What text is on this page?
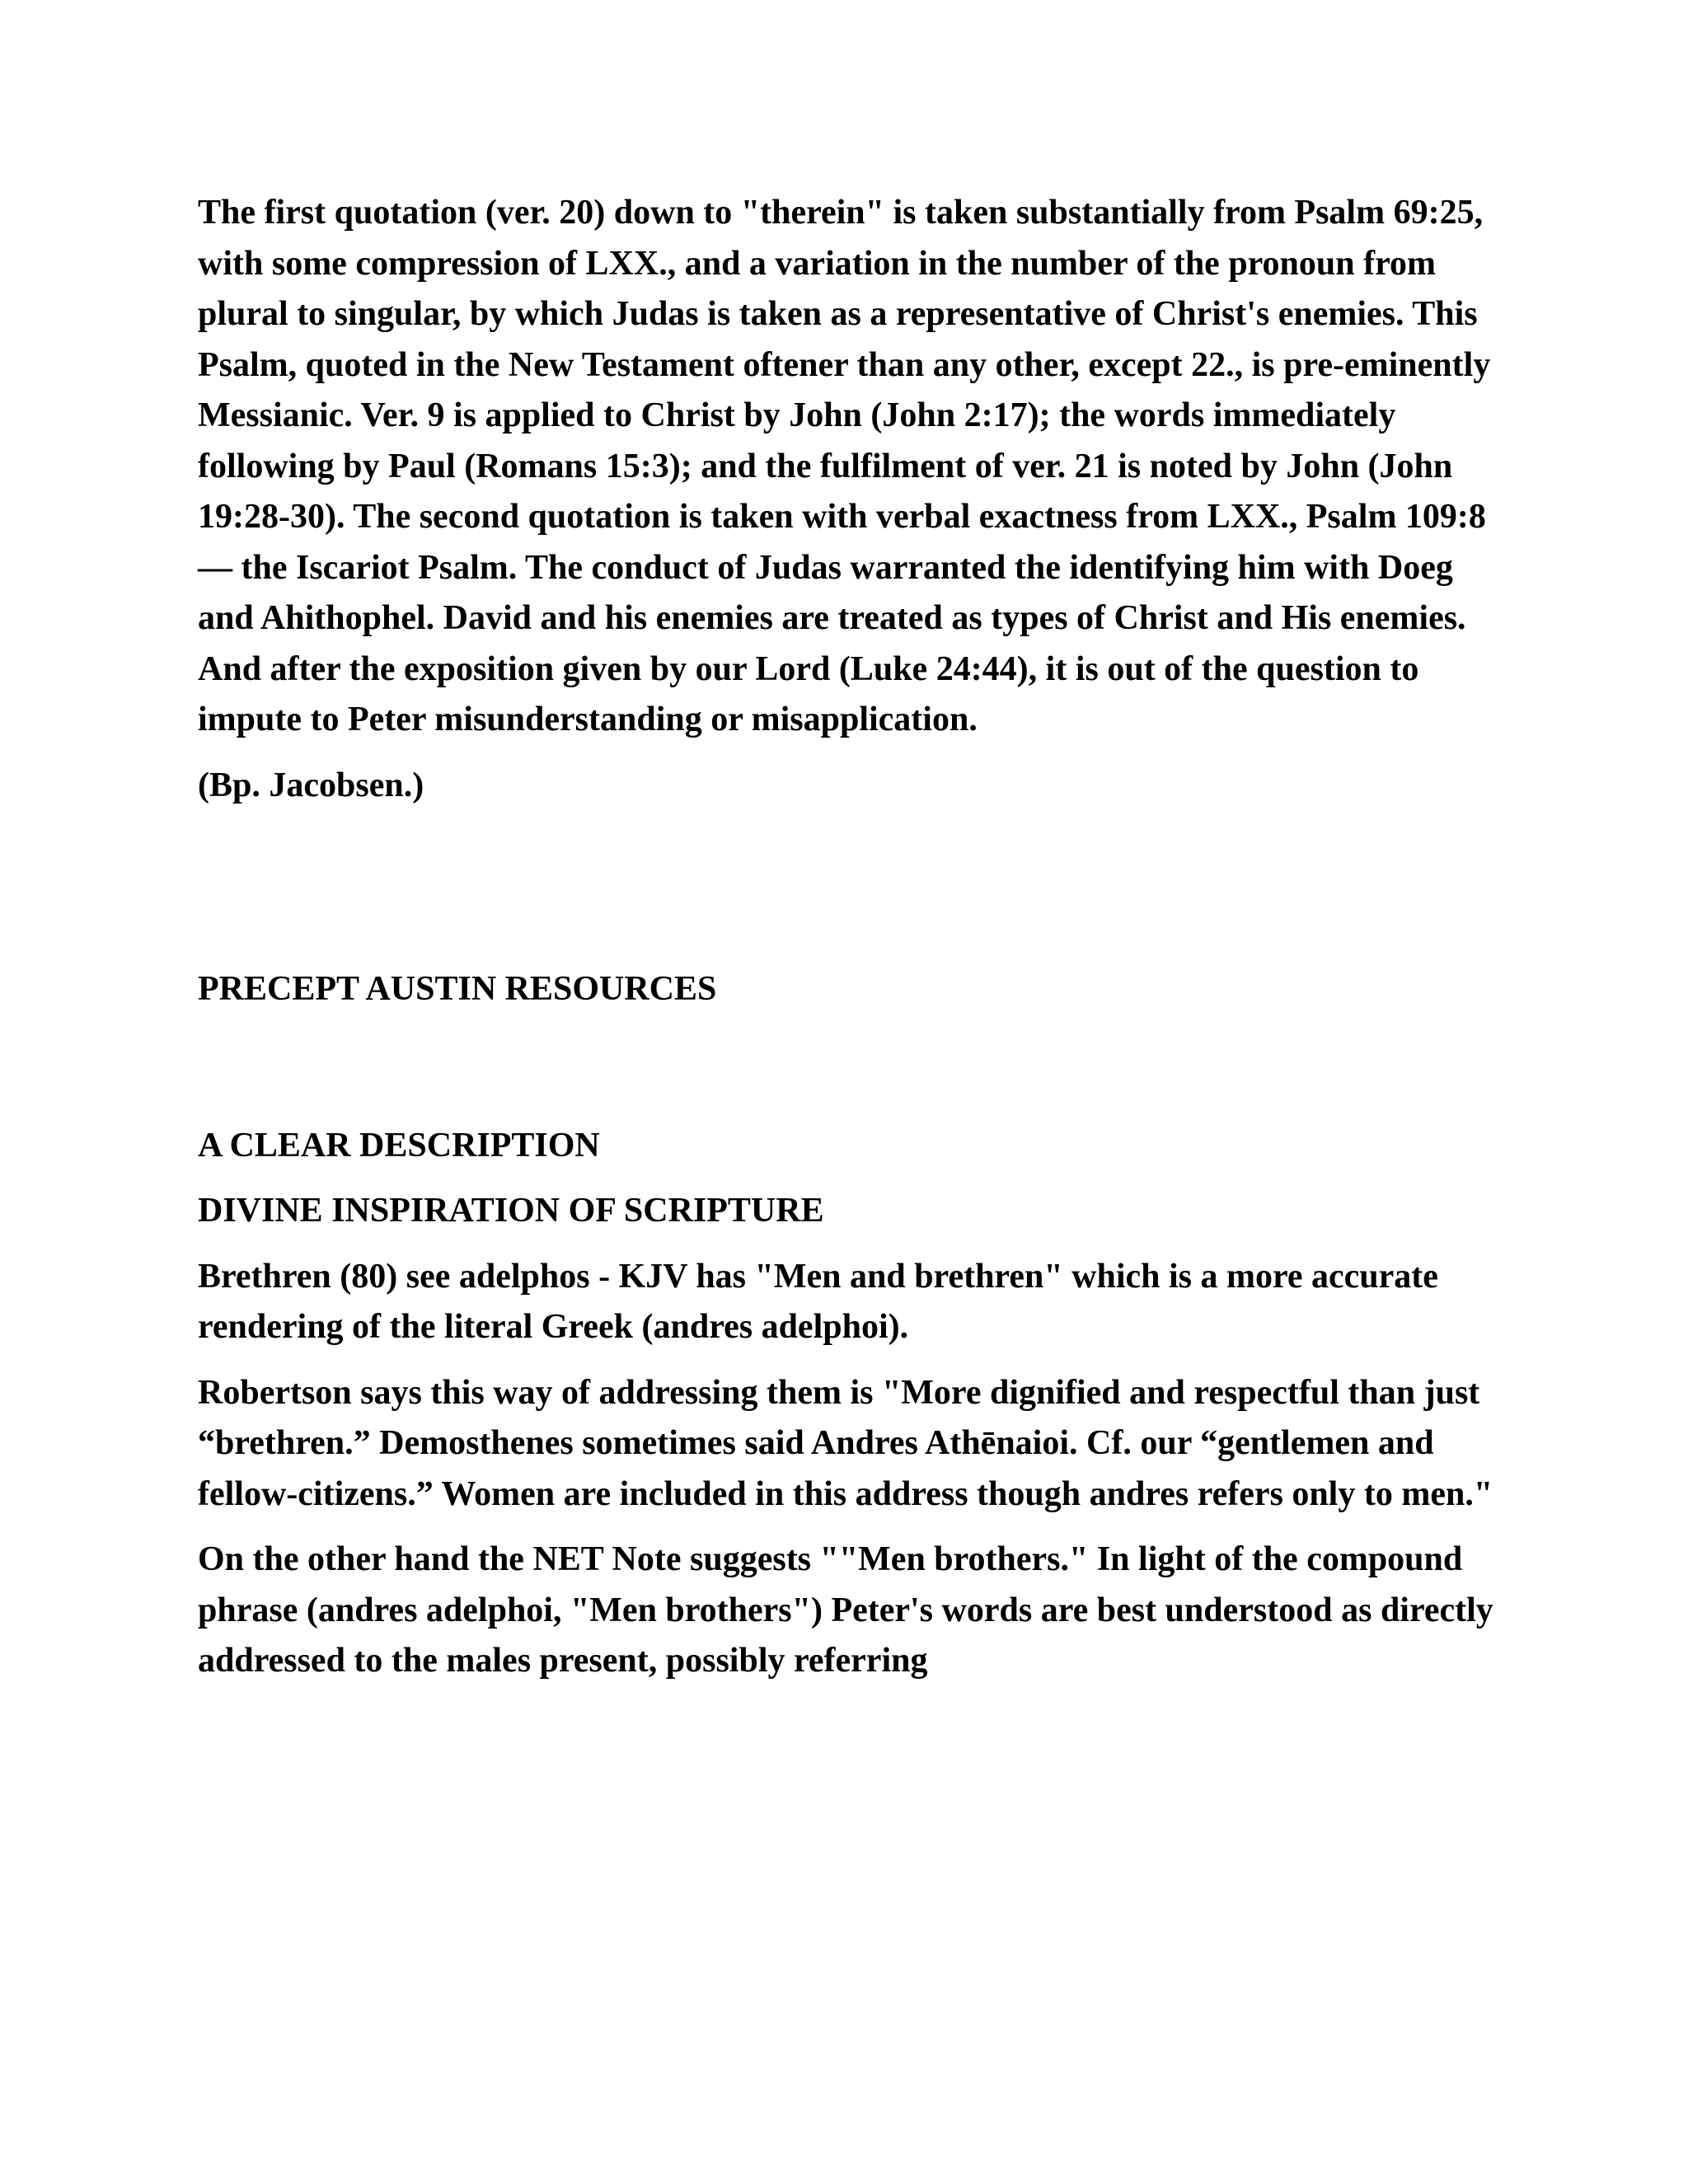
The first quotation (ver. 20) down to "therein" is taken substantially from Psalm 69:25, with some compression of LXX., and a variation in the number of the pronoun from plural to singular, by which Judas is taken as a representative of Christ's enemies. This Psalm, quoted in the New Testament oftener than any other, except 22., is pre-eminently Messianic. Ver. 9 is applied to Christ by John (John 2:17); the words immediately following by Paul (Romans 15:3); and the fulfilment of ver. 21 is noted by John (John 19:28-30). The second quotation is taken with verbal exactness from LXX., Psalm 109:8 — the Iscariot Psalm. The conduct of Judas warranted the identifying him with Doeg and Ahithophel. David and his enemies are treated as types of Christ and His enemies. And after the exposition given by our Lord (Luke 24:44), it is out of the question to impute to Peter misunderstanding or misapplication.

(Bp. Jacobsen.)

PRECEPT AUSTIN RESOURCES

A CLEAR DESCRIPTION

DIVINE INSPIRATION OF SCRIPTURE

Brethren (80) see adelphos - KJV has "Men and brethren" which is a more accurate rendering of the literal Greek (andres adelphoi).

Robertson says this way of addressing them is "More dignified and respectful than just “brethren.” Demosthenes sometimes said Andres Athēnaioi. Cf. our “gentlemen and fellow-citizens.” Women are included in this address though andres refers only to men."

On the other hand the NET Note suggests ""Men brothers." In light of the compound phrase (andres adelphoi, "Men brothers") Peter's words are best understood as directly addressed to the males present, possibly referring
